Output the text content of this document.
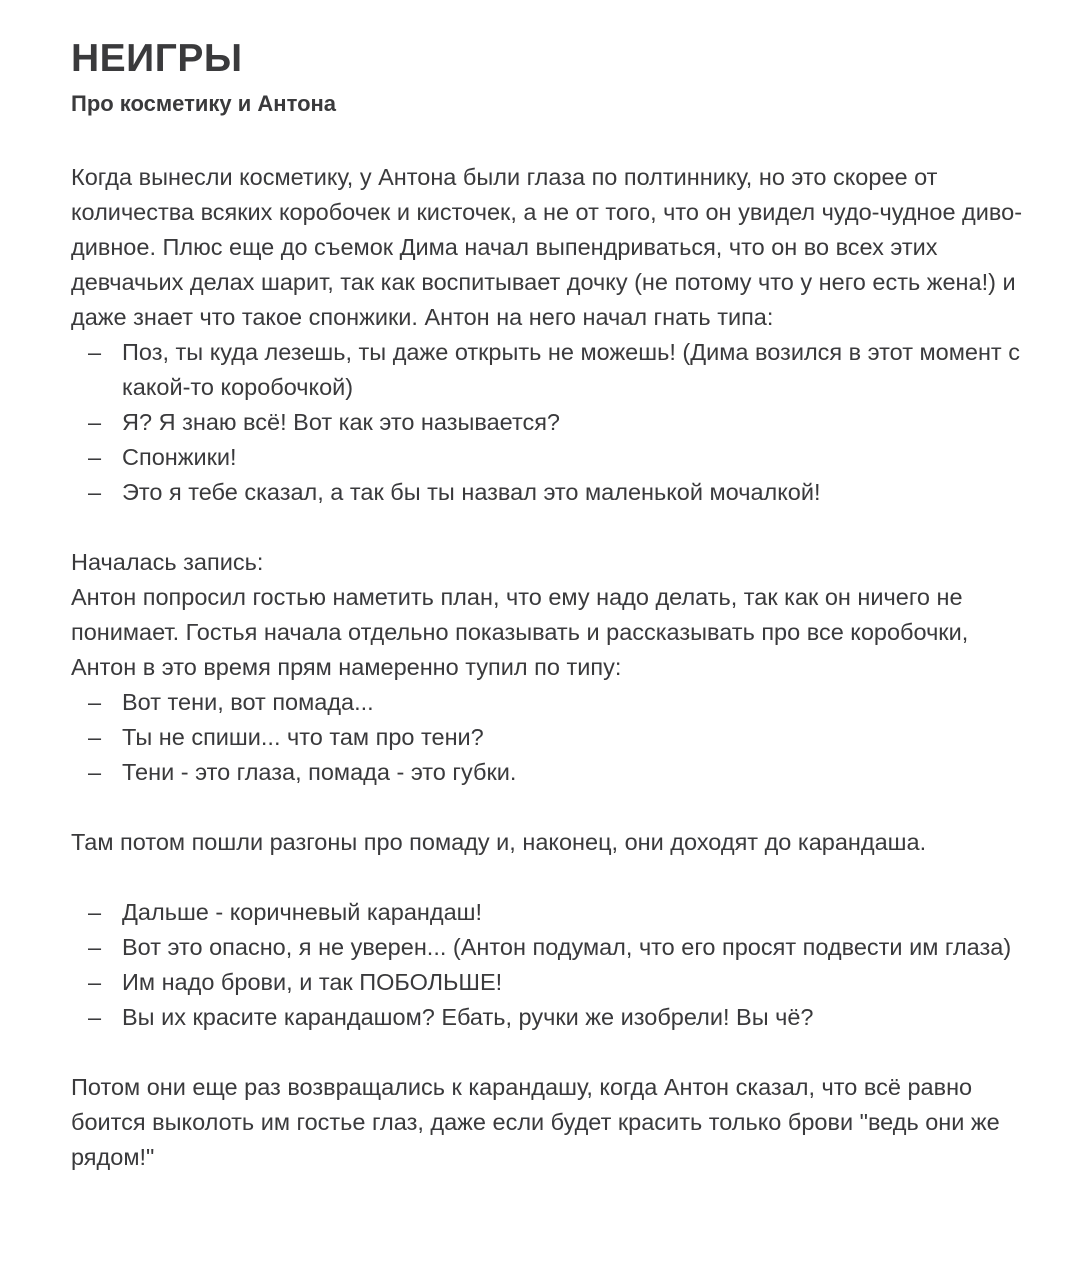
НЕИГРЫ
Про косметику и Антона

Когда вынесли косметику, у Антона были глаза по полтиннику, но это скорее от количества всяких коробочек и кисточек, а не от того, что он увидел чудо-чудное диво-дивное. Плюс еще до съемок Дима начал выпендриваться, что он во всех этих девчачьих делах шарит, так как воспитывает дочку (не потому что у него есть жена!) и даже знает что такое спонжики. Антон на него начал гнать типа:

– Поз, ты куда лезешь, ты даже открыть не можешь! (Дима возился в этот момент с какой-то коробочкой)
– Я? Я знаю всё! Вот как это называется?
– Спонжики!
– Это я тебе сказал, а так бы ты назвал это маленькой мочалкой!

Началась запись:

Антон попросил гостью наметить план, что ему надо делать, так как он ничего не понимает. Гостья начала отдельно показывать и рассказывать про все коробочки, Антон в это время прям намеренно тупил по типу:

– Вот тени, вот помада...
– Ты не спиши... что там про тени?
– Тени - это глаза, помада - это губки.

Там потом пошли разгоны про помаду и, наконец, они доходят до карандаша.

– Дальше - коричневый карандаш!
– Вот это опасно, я не уверен... (Антон подумал, что его просят подвести им глаза)
– Им надо брови, и так ПОБОЛЬШЕ!
– Вы их красите карандашом? Ебать, ручки же изобрели! Вы чё?

Потом они еще раз возвращались к карандашу, когда Антон сказал, что всё равно боится выколоть им гостье глаз, даже если будет красить только брови "ведь они же рядом!"
